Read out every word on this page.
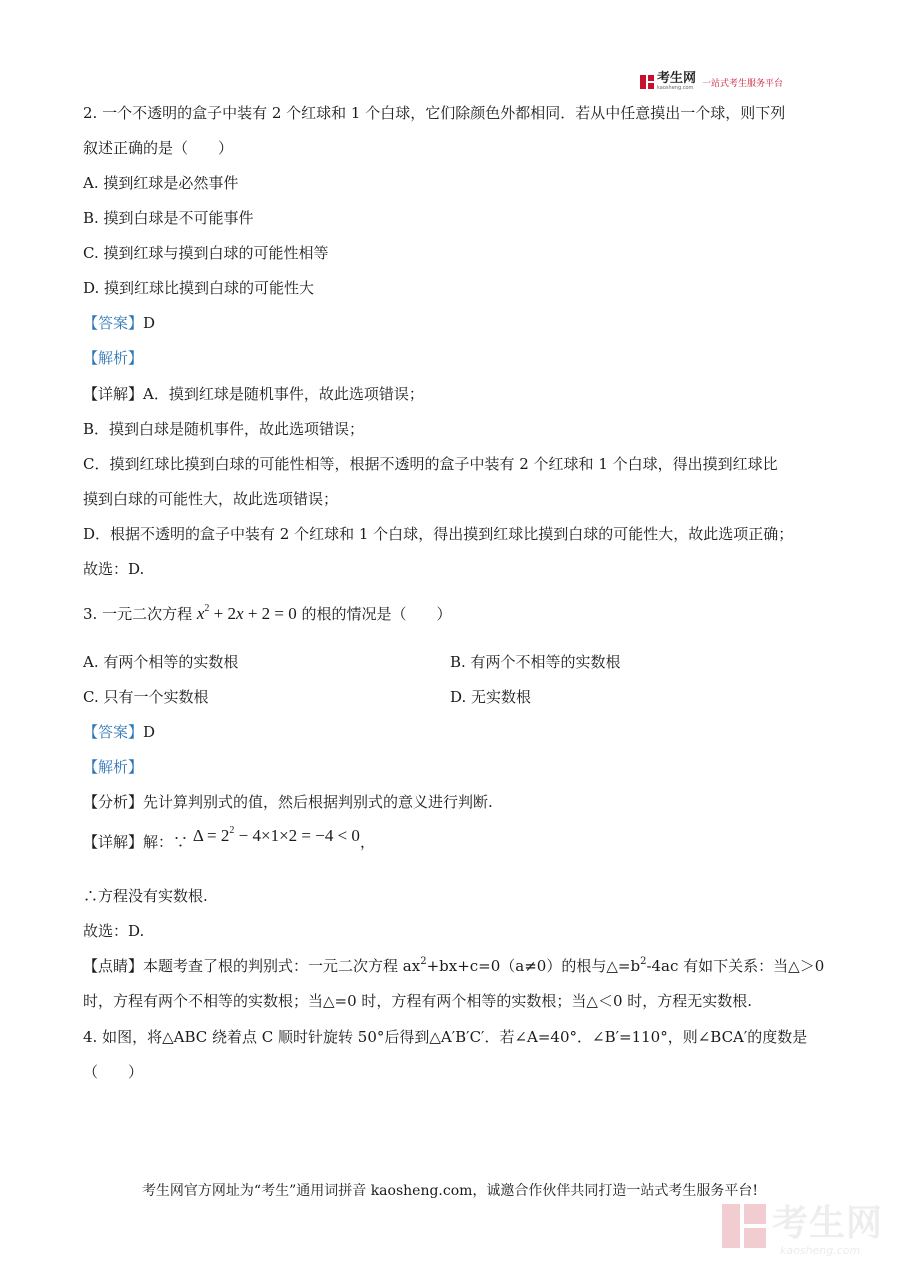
考生网
kaosheng.com 一站式考生服务平台
2. 一个不透明的盒子中装有 2 个红球和 1 个白球，它们除颜色外都相同．若从中任意摸出一个球，则下列
叙述正确的是（　　）
A. 摸到红球是必然事件
B. 摸到白球是不可能事件
C. 摸到红球与摸到白球的可能性相等
D. 摸到红球比摸到白球的可能性大
【答案】D
【解析】
【详解】A．摸到红球是随机事件，故此选项错误；
B．摸到白球是随机事件，故此选项错误；
C．摸到红球比摸到白球的可能性相等，根据不透明的盒子中装有 2 个红球和 1 个白球，得出摸到红球比
摸到白球的可能性大，故此选项错误；
D．根据不透明的盒子中装有 2 个红球和 1 个白球，得出摸到红球比摸到白球的可能性大，故此选项正确；
故选：D.
3. 一元二次方程 $x^2 + 2x + 2 = 0$ 的根的情况是（　　）
A. 有两个相等的实数根	B. 有两个不相等的实数根
C. 只有一个实数根	D. 无实数根
【答案】D
【解析】
【分析】先计算判别式的值，然后根据判别式的意义进行判断.
【详解】解：∵ $\Delta = 2^2 - 4\times 1\times 2 = -4 < 0$，
∴方程没有实数根.
故选：D.
【点睛】本题考查了根的判别式：一元二次方程 $ax^2+bx+c=0(a\ne 0)$的根与$\triangle=b^2-4ac$ 有如下关系：当△＞0
时，方程有两个不相等的实数根；当△=0 时，方程有两个相等的实数根；当△＜0 时，方程无实数根.
4. 如图，将△ABC 绕着点 C 顺时针旋转 50°后得到△A′B′C′．若∠A=40°．∠B′=110°，则∠BCA′的度数是
（　　）
考生网官方网址为“考生”通用词拼音 kaosheng.com，诚邀合作伙伴共同打造一站式考生服务平台!
考生网
kaosheng.com
